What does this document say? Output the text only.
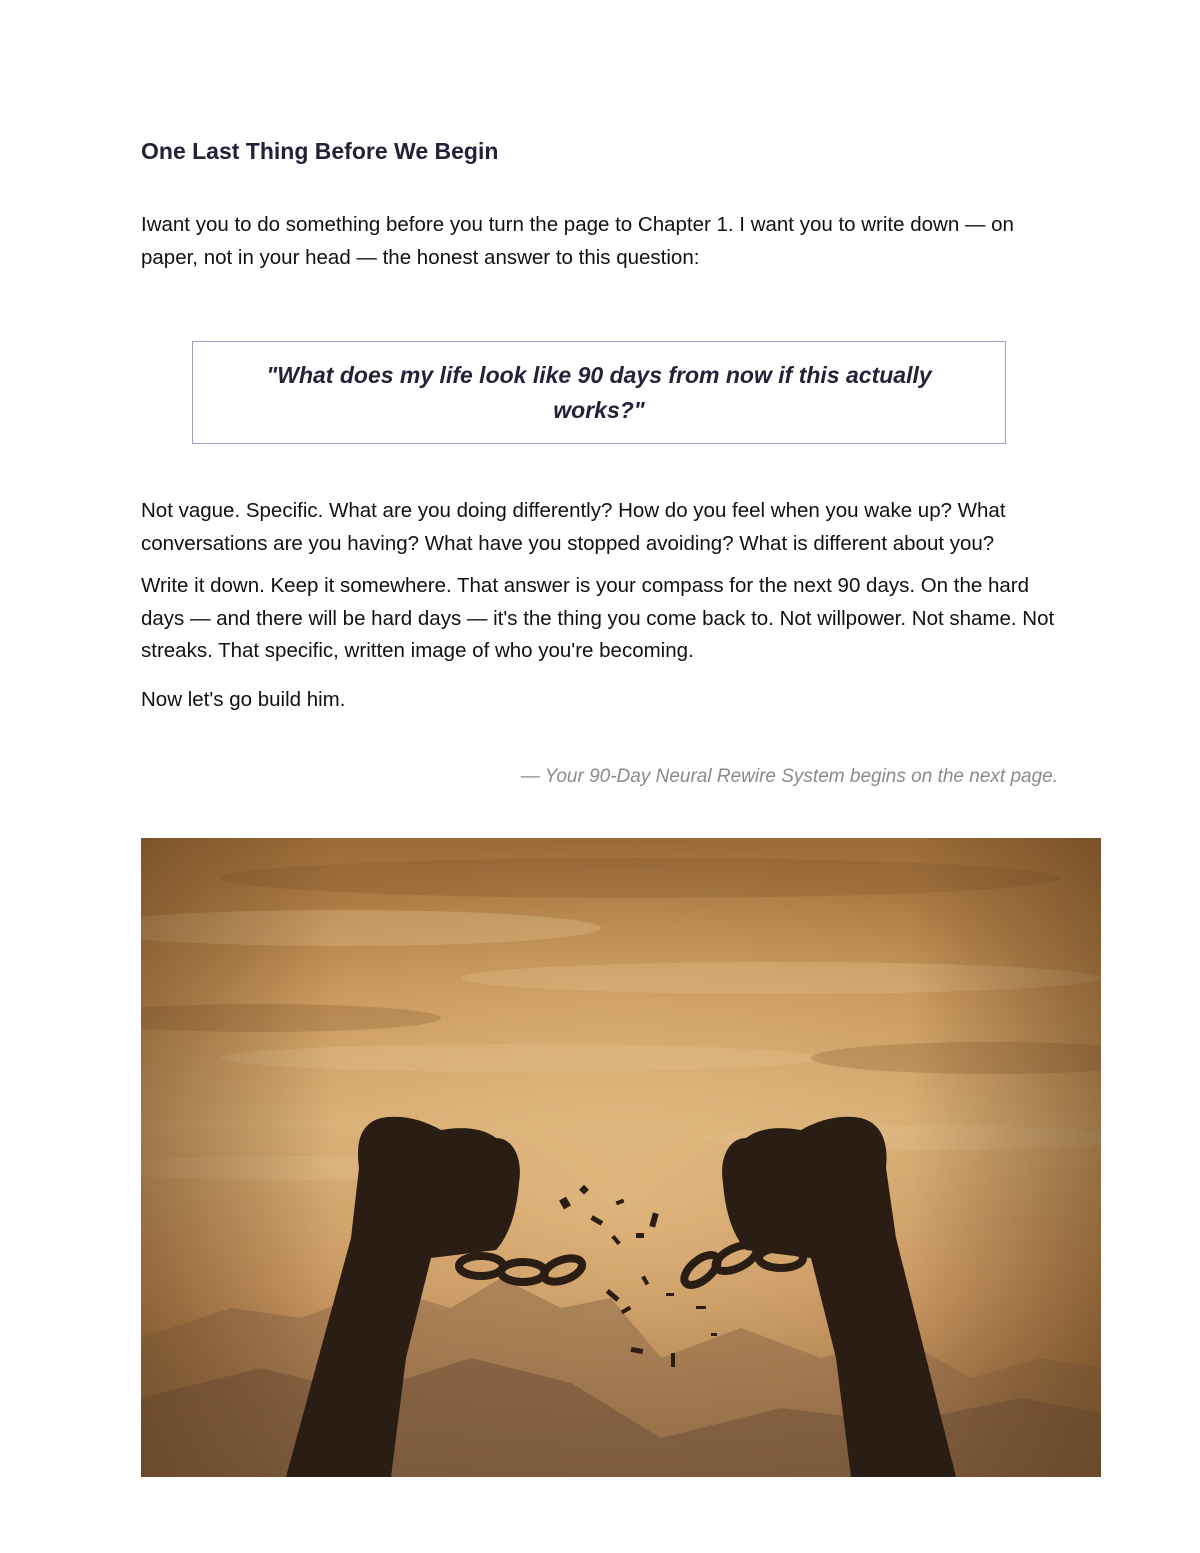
One Last Thing Before We Begin
Iwant you to do something before you turn the page to Chapter 1. I want you to write down — on paper, not in your head — the honest answer to this question:
"What does my life look like 90 days from now if this actually works?"
Not vague. Specific. What are you doing differently? How do you feel when you wake up? What conversations are you having? What have you stopped avoiding? What is different about you?
Write it down. Keep it somewhere. That answer is your compass for the next 90 days. On the hard days — and there will be hard days — it's the thing you come back to. Not willpower. Not shame. Not streaks. That specific, written image of who you're becoming.
Now let's go build him.
— Your 90-Day Neural Rewire System begins on the next page.
